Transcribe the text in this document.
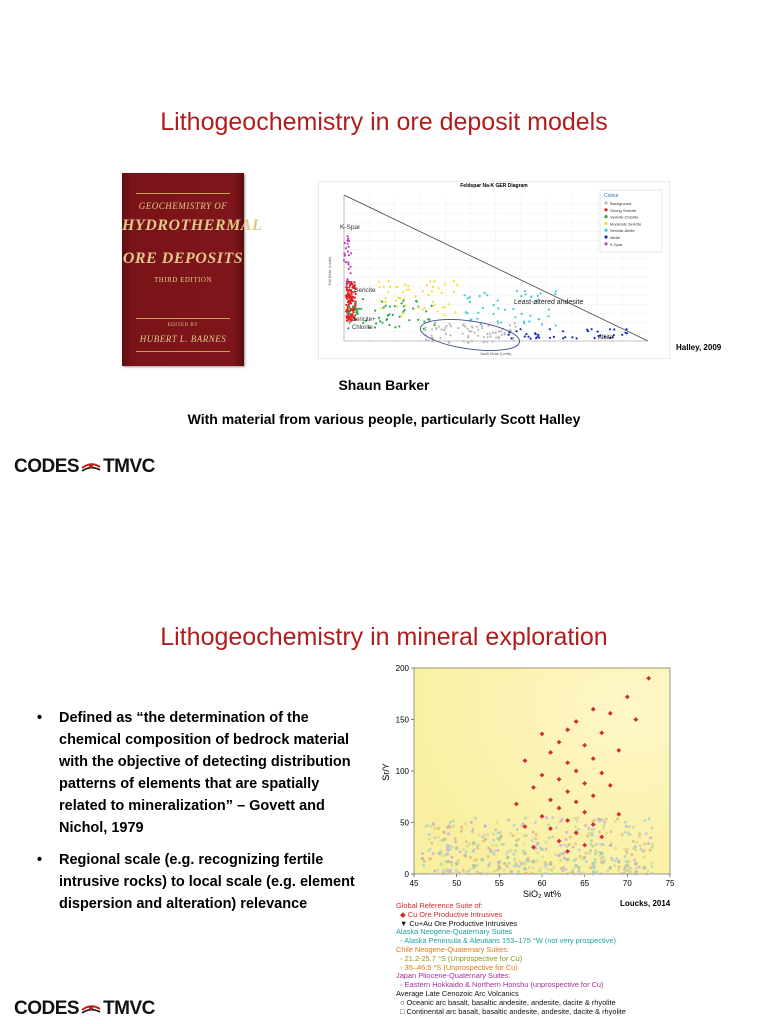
Lithogeochemistry in ore deposit models
GEOCHEMISTRY OF
HYDROTHERMAL
ORE DEPOSITS
THIRD EDITION
EDITED BY
HUBERT L. BARNES
Feldspar Na-K GER Diagram
K-Spar
Sericite
Sericite+
Chlorite
Least-altered andesite
Albite
Na/Al Molar (Lunits)
K/Al Molar (Lunits)
Colour
Background
Strong Sericite
Sericite-Chlorite
Moderate Sericite
Sericite-Albite
Albite
K-Spar
Halley, 2009
Shaun Barker
With material from various people, particularly Scott Halley
CODES TMVC
Lithogeochemistry in mineral exploration
• Defined as “the determination of the chemical composition of bedrock material with the objective of detecting distribution patterns of elements that are spatially related to mineralization” – Govett and Nichol, 1979
• Regional scale (e.g. recognizing fertile intrusive rocks) to local scale (e.g. element dispersion and alteration) relevance
45	50	55	60	65	70	75
0
50
100
150
200
SiO₂ wt%
Sr/Y
Loucks, 2014
Global Reference Suite of:
◆ Cu Ore Productive Intrusives
▼ Cu+Au Ore Productive Intrusives
Alaska Neogene-Quaternary Suites
◦ Alaska Peninsula & Aleutians 153–175 °W (not very prospective)
Chile Neogene-Quaternary Suites:
◦ 21.2-25.7 °S (Unprospective for Cu)
◦ 35–46.5 °S (Unprospective for Cu)
Japan Pliocene-Quaternary Suites:
◦ Eastern Hokkaido & Northern Honshu (unprospective for Cu)
Average Late Cenozoic Arc Volcanics
○ Oceanic arc basalt, basaltic andesite, andesite, dacite & rhyolite
□ Continental arc basalt, basaltic andesite, andesite, dacite & rhyolite
CODES TMVC
